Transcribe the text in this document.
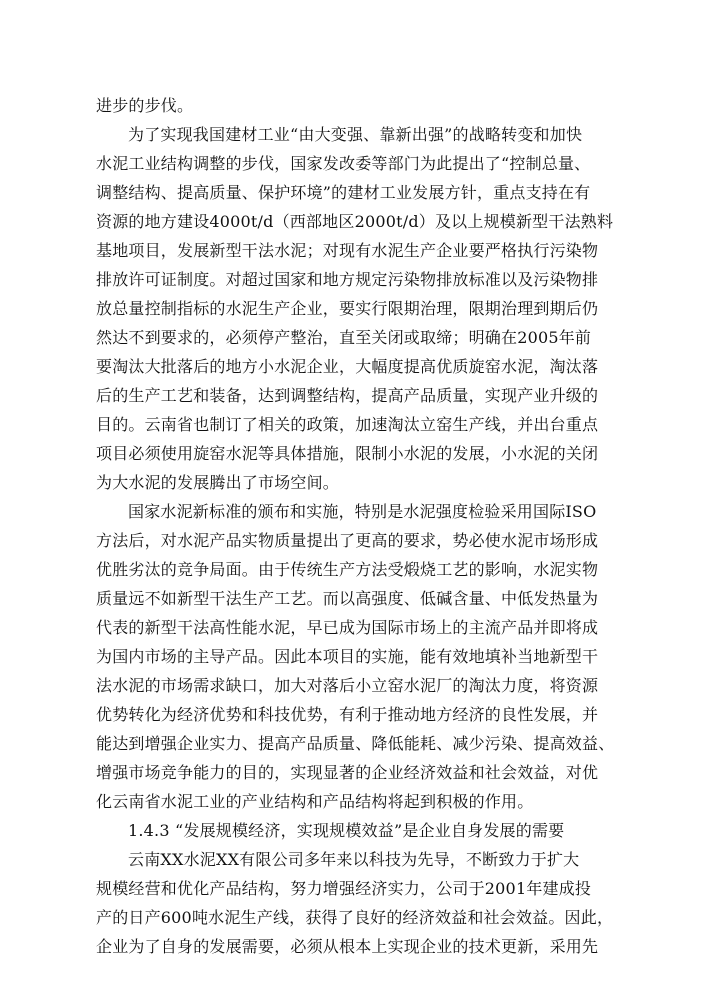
进步的步伐。
为了实现我国建材工业“由大变强、靠新出强”的战略转变和加快
水泥工业结构调整的步伐，国家发改委等部门为此提出了“控制总量、
调整结构、提高质量、保护环境”的建材工业发展方针，重点支持在有
资源的地方建设4000t/d（西部地区2000t/d）及以上规模新型干法熟料
基地项目，发展新型干法水泥；对现有水泥生产企业要严格执行污染物
排放许可证制度。对超过国家和地方规定污染物排放标准以及污染物排
放总量控制指标的水泥生产企业，要实行限期治理，限期治理到期后仍
然达不到要求的，必须停产整治，直至关闭或取缔；明确在2005年前
要淘汰大批落后的地方小水泥企业，大幅度提高优质旋窑水泥，淘汰落
后的生产工艺和装备，达到调整结构，提高产品质量，实现产业升级的
目的。云南省也制订了相关的政策，加速淘汰立窑生产线，并出台重点
项目必须使用旋窑水泥等具体措施，限制小水泥的发展，小水泥的关闭
为大水泥的发展腾出了市场空间。
国家水泥新标准的颁布和实施，特别是水泥强度检验采用国际ISO
方法后，对水泥产品实物质量提出了更高的要求，势必使水泥市场形成
优胜劣汰的竞争局面。由于传统生产方法受煅烧工艺的影响，水泥实物
质量远不如新型干法生产工艺。而以高强度、低碱含量、中低发热量为
代表的新型干法高性能水泥，早已成为国际市场上的主流产品并即将成
为国内市场的主导产品。因此本项目的实施，能有效地填补当地新型干
法水泥的市场需求缺口，加大对落后小立窑水泥厂的淘汰力度，将资源
优势转化为经济优势和科技优势，有利于推动地方经济的良性发展，并
能达到增强企业实力、提高产品质量、降低能耗、减少污染、提高效益、
增强市场竞争能力的目的，实现显著的企业经济效益和社会效益，对优
化云南省水泥工业的产业结构和产品结构将起到积极的作用。
1.4.3 “发展规模经济，实现规模效益”是企业自身发展的需要
云南XX水泥XX有限公司多年来以科技为先导，不断致力于扩大
规模经营和优化产品结构，努力增强经济实力，公司于2001年建成投
产的日产600吨水泥生产线，获得了良好的经济效益和社会效益。因此，
企业为了自身的发展需要，必须从根本上实现企业的技术更新，采用先
